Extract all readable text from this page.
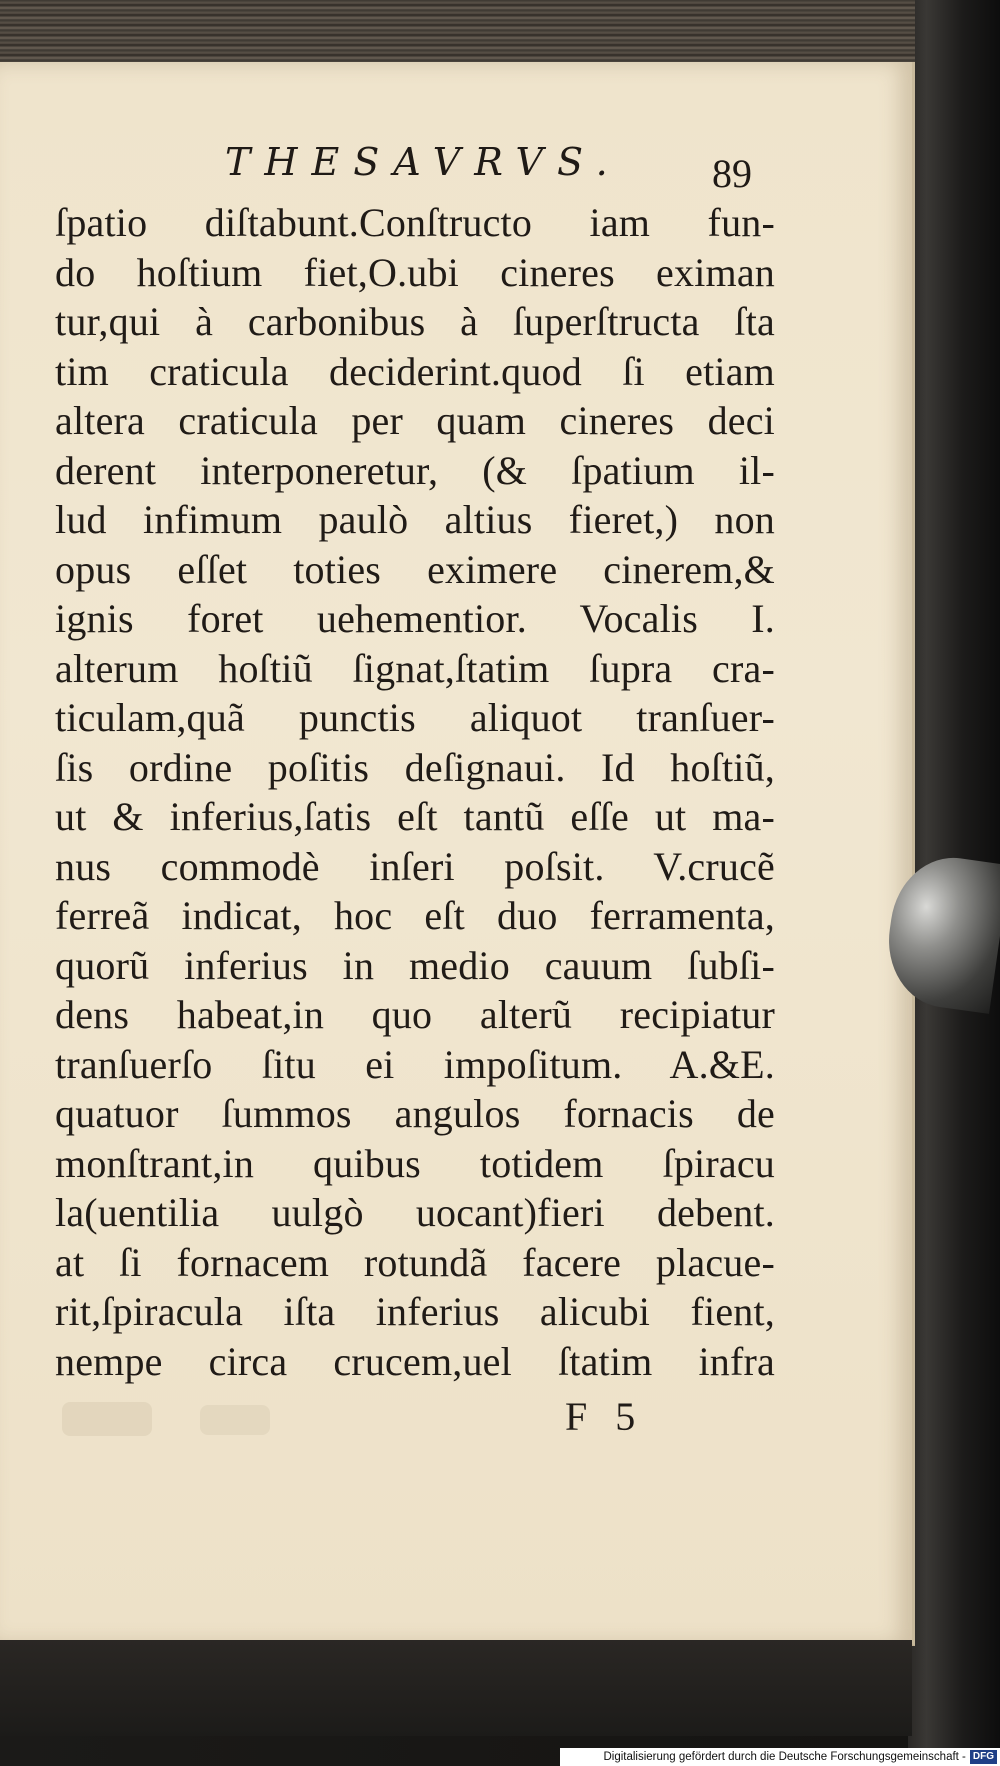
THESAVRVS.	89
ſpatio diſtabunt.Conſtructo iam fun-
do hoſtium fiet,O.ubi cineres eximan
tur,qui à carbonibus à ſuperſtructa ſta
tim craticula deciderint.quod ſi etiam
altera craticula per quam cineres deci
derent interponeretur, (& ſpatium il-
lud infimum paulò altius fieret,) non
opus eſſet toties eximere cinerem,&
ignis foret uehementior. Vocalis I.
alterum hoſtiũ ſignat,ſtatim ſupra cra-
ticulam,quã punctis aliquot tranſuer-
ſis ordine poſitis deſignaui. Id hoſtiũ,
ut & inferius,ſatis eſt tantũ eſſe ut ma-
nus commodè inſeri poſsit. V.crucẽ
ferreã indicat, hoc eſt duo ferramenta,
quorũ inferius in medio cauum ſubſi-
dens habeat,in quo alterũ recipiatur
tranſuerſo ſitu ei impoſitum. A.&E.
quatuor ſummos angulos fornacis de
monſtrant,in quibus totidem ſpiracu
la(uentilia uulgò uocant)fieri debent.
at ſi fornacem rotundã facere placue-
rit,ſpiracula iſta inferius alicubi fient,
nempe circa crucem,uel ſtatim infra
F 5
Digitalisierung gefördert durch die Deutsche Forschungsgemeinschaft - DFG
